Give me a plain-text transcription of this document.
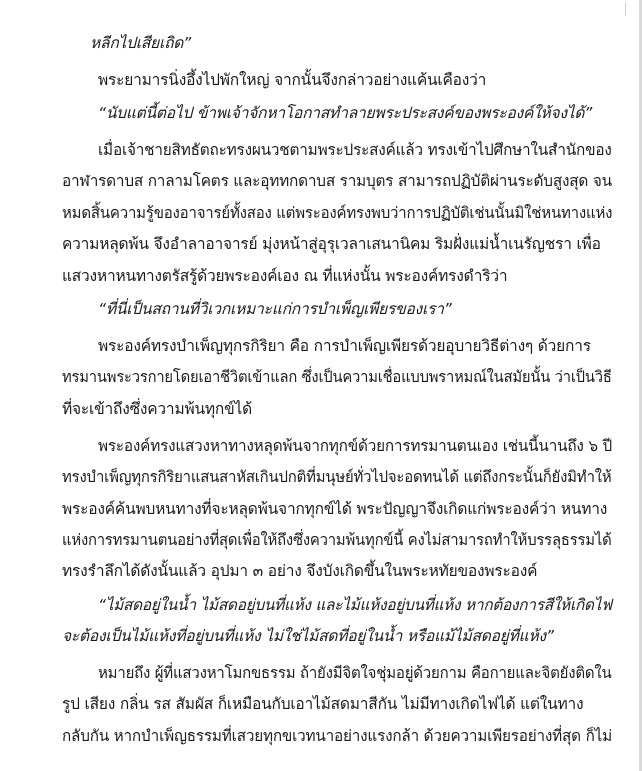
หลีกไปเสียเถิด”
พระยามารนิ่งอึ้งไปพักใหญ่ จากนั้นจึงกล่าวอย่างแค้นเคืองว่า
“นับแต่นี้ต่อไป ข้าพเจ้าจักหาโอกาสทำลายพระประสงค์ของพระองค์ให้จงได้”
เมื่อเจ้าชายสิทธัตถะทรงผนวชตามพระประสงค์แล้ว ทรงเข้าไปศึกษาในสำนักของ
อาฬารดาบส กาลามโคตร และอุททกดาบส รามบุตร สามารถปฏิบัติผ่านระดับสูงสุด จน
หมดสิ้นความรู้ของอาจารย์ทั้งสอง แต่พระองค์ทรงพบว่าการปฏิบัติเช่นนั้นมิใช่หนทางแห่ง
ความหลุดพ้น จึงอำลาอาจารย์ มุ่งหน้าสู่อุรุเวลาเสนานิคม ริมฝั่งแม่น้ำเนรัญชรา เพื่อ
แสวงหาหนทางตรัสรู้ด้วยพระองค์เอง ณ ที่แห่งนั้น พระองค์ทรงดำริว่า
“ที่นี่เป็นสถานที่วิเวกเหมาะแก่การบำเพ็ญเพียรของเรา”
พระองค์ทรงบำเพ็ญทุกรกิริยา คือ การบำเพ็ญเพียรด้วยอุบายวิธีต่างๆ ด้วยการ
ทรมานพระวรกายโดยเอาชีวิตเข้าแลก ซึ่งเป็นความเชื่อแบบพราหมณ์ในสมัยนั้น ว่าเป็นวิธี
ที่จะเข้าถึงซึ่งความพ้นทุกข์ได้
พระองค์ทรงแสวงหาทางหลุดพ้นจากทุกข์ด้วยการทรมานตนเอง เช่นนี้นานถึง ๖ ปี
ทรงบำเพ็ญทุกรกิริยาแสนสาหัสเกินปกติที่มนุษย์ทั่วไปจะอดทนได้ แต่ถึงกระนั้นก็ยังมิทำให้
พระองค์ค้นพบหนทางที่จะหลุดพ้นจากทุกข์ได้ พระปัญญาจึงเกิดแก่พระองค์ว่า หนทาง
แห่งการทรมานตนอย่างที่สุดเพื่อให้ถึงซึ่งความพ้นทุกข์นี้ คงไม่สามารถทำให้บรรลุธรรมได้
ทรงรำลึกได้ดังนั้นแล้ว อุปมา ๓ อย่าง จึงบังเกิดขึ้นในพระหทัยของพระองค์
“ไม้สดอยู่ในน้ำ ไม้สดอยู่บนที่แห้ง และไม้แห้งอยู่บนที่แห้ง หากต้องการสีให้เกิดไฟ
จะต้องเป็นไม้แห้งที่อยู่บนที่แห้ง ไม่ใช่ไม้สดที่อยู่ในน้ำ หรือแม้ไม้สดอยู่ที่แห้ง”
หมายถึง ผู้ที่แสวงหาโมกขธรรม ถ้ายังมีจิตใจชุ่มอยู่ด้วยกาม คือกายและจิตยังติดใน
รูป เสียง กลิ่น รส สัมผัส ก็เหมือนกับเอาไม้สดมาสีกัน ไม่มีทางเกิดไฟได้ แต่ในทาง
กลับกัน หากบำเพ็ญธรรมที่เสวยทุกขเวทนาอย่างแรงกล้า ด้วยความเพียรอย่างที่สุด ก็ไม่
